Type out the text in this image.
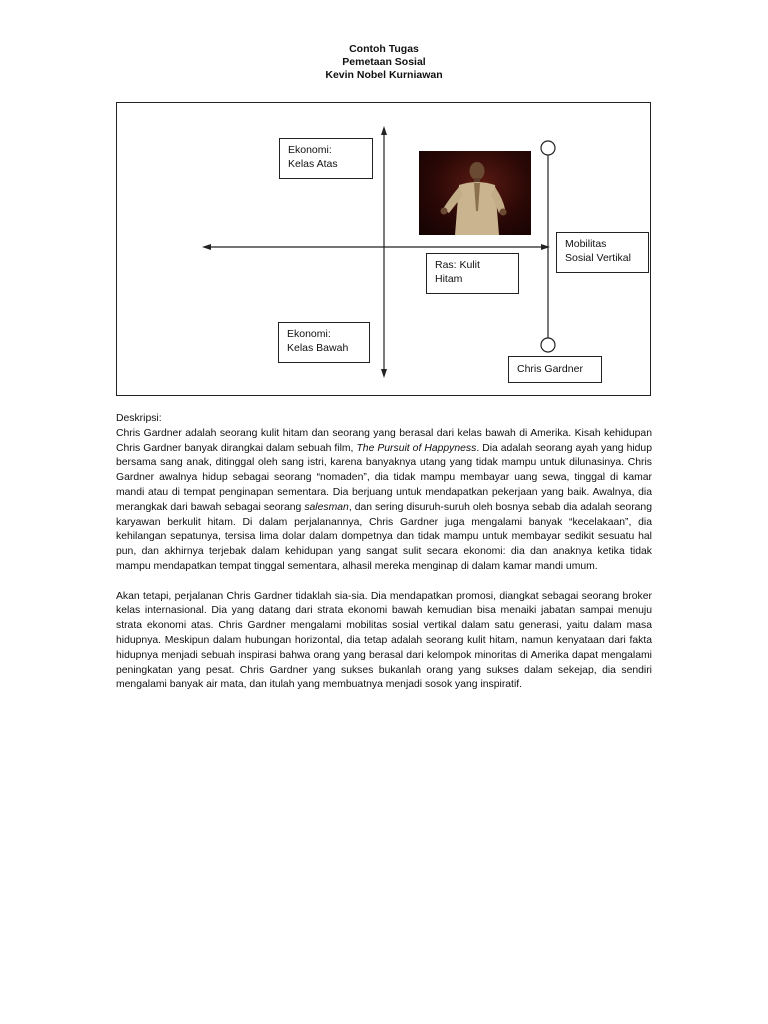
Contoh Tugas
Pemetaan Sosial
Kevin Nobel Kurniawan
Ekonomi:
Kelas Atas
Ras: Kulit
Hitam
Mobilitas
Sosial Vertikal
Ekonomi:
Kelas Bawah
Chris Gardner
Deskripsi:

Chris Gardner adalah seorang kulit hitam dan seorang yang berasal dari kelas bawah di Amerika. Kisah kehidupan Chris Gardner banyak dirangkai dalam sebuah film, The Pursuit of Happyness. Dia adalah seorang ayah yang hidup bersama sang anak, ditinggal oleh sang istri, karena banyaknya utang yang tidak mampu untuk dilunasinya. Chris Gardner awalnya hidup sebagai seorang “nomaden”, dia tidak mampu membayar uang sewa, tinggal di kamar mandi atau di tempat penginapan sementara. Dia berjuang untuk mendapatkan pekerjaan yang baik. Awalnya, dia merangkak dari bawah sebagai seorang salesman, dan sering disuruh-suruh oleh bosnya sebab dia adalah seorang karyawan berkulit hitam. Di dalam perjalanannya, Chris Gardner juga mengalami banyak “kecelakaan”, dia kehilangan sepatunya, tersisa lima dolar dalam dompetnya dan tidak mampu untuk membayar sedikit sesuatu hal pun, dan akhirnya terjebak dalam kehidupan yang sangat sulit secara ekonomi: dia dan anaknya ketika tidak mampu mendapatkan tempat tinggal sementara, alhasil mereka menginap di dalam kamar mandi umum.

Akan tetapi, perjalanan Chris Gardner tidaklah sia-sia. Dia mendapatkan promosi, diangkat sebagai seorang broker kelas internasional. Dia yang datang dari strata ekonomi bawah kemudian bisa menaiki jabatan sampai menuju strata ekonomi atas. Chris Gardner mengalami mobilitas sosial vertikal dalam satu generasi, yaitu dalam masa hidupnya. Meskipun dalam hubungan horizontal, dia tetap adalah seorang kulit hitam, namun kenyataan dari fakta hidupnya menjadi sebuah inspirasi bahwa orang yang berasal dari kelompok minoritas di Amerika dapat mengalami peningkatan yang pesat. Chris Gardner yang sukses bukanlah orang yang sukses dalam sekejap, dia sendiri mengalami banyak air mata, dan itulah yang membuatnya menjadi sosok yang inspiratif.
